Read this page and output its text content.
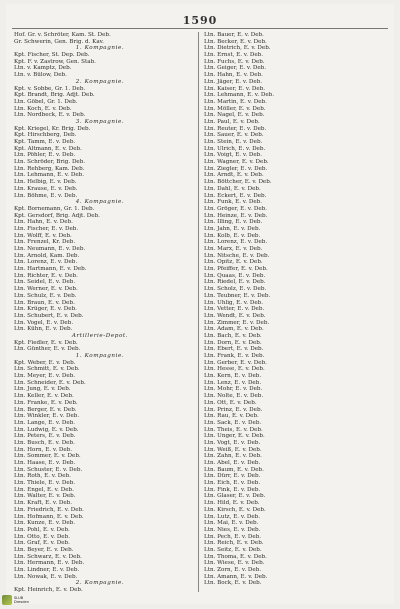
1590
Hof. Gr. v. Schröter, Kam. St. Deb.
Gr. Schwerin, Gen. Brig. d. Kav.
1. Kompagnie.
Kpt. Fischer, St. Dep. Deb.
Kpt. F. v. Zastrow, Gen. Stab.
Ltn. v. Kamptz, Deb.
Ltn. v. Bülow, Deb.
2. Kompagnie.
Kpt. v. Sobbe, Gr. 1. Deb.
Kpt. Brandt, Brig. Adjt. Deb.
Ltn. Göbel, Gr. 1. Deb.
Ltn. Koch, E. v. Deb.
Ltn. Nordbeck, E. v. Deb.
3. Kompagnie.
Kpt. Kriegel, Kr. Brig. Deb.
Kpt. Hirschberg, Deb.
Kpt. Tamm, E. v. Deb.
Kpt. Altmann, E. v. Deb.
Ltn. Pöhler, E. v. Deb.
Ltn. Schröder, Brig. Deb.
Ltn. Rehberg, Kam. Deb.
Ltn. Lehmann, E. v. Deb.
Ltn. Helbig, E. v. Deb.
Ltn. Krause, E. v. Deb.
Ltn. Böhme, E. v. Deb.
4. Kompagnie.
Kpt. Bornemann, Gr. 1. Deb.
Kpt. Gersdorf, Brig. Adjt. Deb.
Ltn. Hahn, E. v. Deb.
Ltn. Fischer, E. v. Deb.
Ltn. Wolff, E. v. Deb.
Ltn. Frenzel, Kr. Deb.
Ltn. Neumann, E. v. Deb.
Ltn. Arnold, Kam. Deb.
Ltn. Lorenz, E. v. Deb.
Ltn. Hartmann, E. v. Deb.
Ltn. Richter, E. v. Deb.
Ltn. Seidel, E. v. Deb.
Ltn. Werner, E. v. Deb.
Ltn. Schulz, E. v. Deb.
Ltn. Braun, E. v. Deb.
Ltn. Krüger, E. v. Deb.
Ltn. Schubert, E. v. Deb.
Ltn. Vogel, E. v. Deb.
Ltn. Kühn, E. v. Deb.
Artillerie-Depot.
Kpt. Fiedler, E. v. Deb.
Ltn. Günther, E. v. Deb.
1. Kompagnie.
Kpt. Weber, E. v. Deb.
Ltn. Schmitt, E. v. Deb.
Ltn. Meyer, E. v. Deb.
Ltn. Schneider, E. v. Deb.
Ltn. Jung, E. v. Deb.
Ltn. Keller, E. v. Deb.
Ltn. Franke, E. v. Deb.
Ltn. Berger, E. v. Deb.
Ltn. Winkler, E. v. Deb.
Ltn. Lange, E. v. Deb.
Ltn. Ludwig, E. v. Deb.
Ltn. Peters, E. v. Deb.
Ltn. Busch, E. v. Deb.
Ltn. Horn, E. v. Deb.
Ltn. Sommer, E. v. Deb.
Ltn. Haase, E. v. Deb.
Ltn. Schuster, E. v. Deb.
Ltn. Roth, E. v. Deb.
Ltn. Thiele, E. v. Deb.
Ltn. Engel, E. v. Deb.
Ltn. Walter, E. v. Deb.
Ltn. Kraft, E. v. Deb.
Ltn. Friedrich, E. v. Deb.
Ltn. Hofmann, E. v. Deb.
Ltn. Kunze, E. v. Deb.
Ltn. Pohl, E. v. Deb.
Ltn. Otto, E. v. Deb.
Ltn. Graf, E. v. Deb.
Ltn. Beyer, E. v. Deb.
Ltn. Schwarz, E. v. Deb.
Ltn. Hermann, E. v. Deb.
Ltn. Lindner, E. v. Deb.
Ltn. Nowak, E. v. Deb.
2. Kompagnie.
Kpt. Heinrich, E. v. Deb.
Ltn. Bauer, E. v. Deb.
Ltn. Becker, E. v. Deb.
Ltn. Dietrich, E. v. Deb.
Ltn. Ernst, E. v. Deb.
Ltn. Fuchs, E. v. Deb.
Ltn. Geiger, E. v. Deb.
Ltn. Hahn, E. v. Deb.
Ltn. Jäger, E. v. Deb.
Ltn. Kaiser, E. v. Deb.
Ltn. Lehmann, E. v. Deb.
Ltn. Martin, E. v. Deb.
Ltn. Möller, E. v. Deb.
Ltn. Nagel, E. v. Deb.
Ltn. Paul, E. v. Deb.
Ltn. Reuter, E. v. Deb.
Ltn. Sauer, E. v. Deb.
Ltn. Stein, E. v. Deb.
Ltn. Ulrich, E. v. Deb.
Ltn. Voigt, E. v. Deb.
Ltn. Wagner, E. v. Deb.
Ltn. Ziegler, E. v. Deb.
Ltn. Arndt, E. v. Deb.
Ltn. Böttcher, E. v. Deb.
Ltn. Dahl, E. v. Deb.
Ltn. Eckert, E. v. Deb.
Ltn. Funk, E. v. Deb.
Ltn. Gröger, E. v. Deb.
Ltn. Heinze, E. v. Deb.
Ltn. Illing, E. v. Deb.
Ltn. Jahn, E. v. Deb.
Ltn. Kolb, E. v. Deb.
Ltn. Lorenz, E. v. Deb.
Ltn. Marx, E. v. Deb.
Ltn. Nitsche, E. v. Deb.
Ltn. Opitz, E. v. Deb.
Ltn. Pfeiffer, E. v. Deb.
Ltn. Quaas, E. v. Deb.
Ltn. Riedel, E. v. Deb.
Ltn. Scholz, E. v. Deb.
Ltn. Teubner, E. v. Deb.
Ltn. Uhlig, E. v. Deb.
Ltn. Vetter, E. v. Deb.
Ltn. Wendt, E. v. Deb.
Ltn. Zimmer, E. v. Deb.
Ltn. Adam, E. v. Deb.
Ltn. Bach, E. v. Deb.
Ltn. Dorn, E. v. Deb.
Ltn. Ebert, E. v. Deb.
Ltn. Frank, E. v. Deb.
Ltn. Gerber, E. v. Deb.
Ltn. Hesse, E. v. Deb.
Ltn. Kern, E. v. Deb.
Ltn. Lenz, E. v. Deb.
Ltn. Mohr, E. v. Deb.
Ltn. Nolte, E. v. Deb.
Ltn. Ott, E. v. Deb.
Ltn. Prinz, E. v. Deb.
Ltn. Rau, E. v. Deb.
Ltn. Sack, E. v. Deb.
Ltn. Theis, E. v. Deb.
Ltn. Unger, E. v. Deb.
Ltn. Vogt, E. v. Deb.
Ltn. Weiß, E. v. Deb.
Ltn. Zahn, E. v. Deb.
Ltn. Abel, E. v. Deb.
Ltn. Baum, E. v. Deb.
Ltn. Dürr, E. v. Deb.
Ltn. Eich, E. v. Deb.
Ltn. Fink, E. v. Deb.
Ltn. Glaser, E. v. Deb.
Ltn. Hild, E. v. Deb.
Ltn. Kirsch, E. v. Deb.
Ltn. Lutz, E. v. Deb.
Ltn. Mai, E. v. Deb.
Ltn. Nies, E. v. Deb.
Ltn. Pech, E. v. Deb.
Ltn. Reich, E. v. Deb.
Ltn. Seitz, E. v. Deb.
Ltn. Thoma, E. v. Deb.
Ltn. Wiese, E. v. Deb.
Ltn. Zorn, E. v. Deb.
Ltn. Amann, E. v. Deb.
Ltn. Bock, E. v. Deb.
SLUB
Dresden
